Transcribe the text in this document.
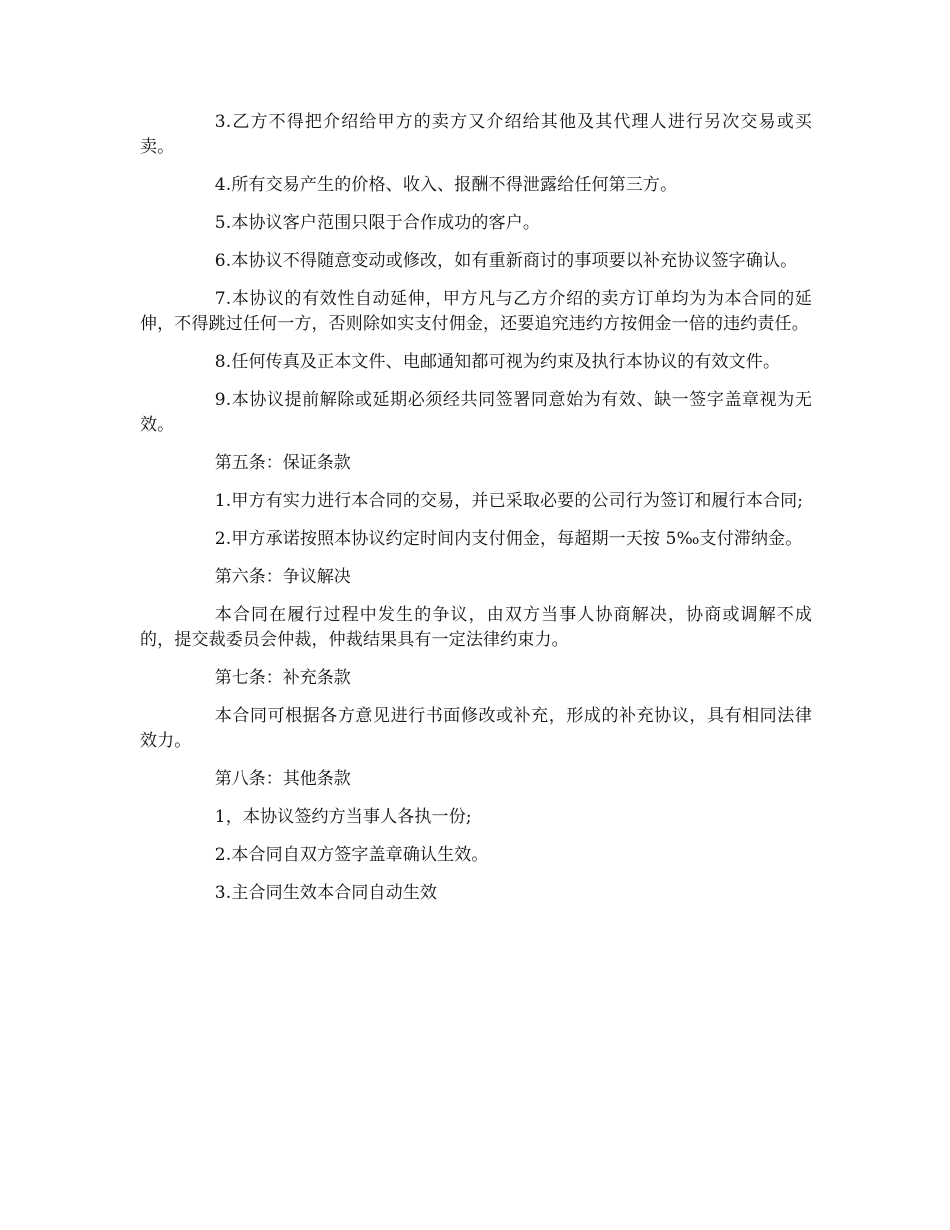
3.乙方不得把介绍给甲方的卖方又介绍给其他及其代理人进行另次交易或买卖。

4.所有交易产生的价格、收入、报酬不得泄露给任何第三方。

5.本协议客户范围只限于合作成功的客户。

6.本协议不得随意变动或修改，如有重新商讨的事项要以补充协议签字确认。

7.本协议的有效性自动延伸，甲方凡与乙方介绍的卖方订单均为为本合同的延伸，不得跳过任何一方，否则除如实支付佣金，还要追究违约方按佣金一倍的违约责任。

8.任何传真及正本文件、电邮通知都可视为约束及执行本协议的有效文件。

9.本协议提前解除或延期必须经共同签署同意始为有效、缺一签字盖章视为无效。

第五条：保证条款

1.甲方有实力进行本合同的交易，并已采取必要的公司行为签订和履行本合同;

2.甲方承诺按照本协议约定时间内支付佣金，每超期一天按 5‰支付滞纳金。

第六条：争议解决

本合同在履行过程中发生的争议，由双方当事人协商解决，协商或调解不成的，提交裁委员会仲裁，仲裁结果具有一定法律约束力。

第七条：补充条款

本合同可根据各方意见进行书面修改或补充，形成的补充协议，具有相同法律效力。

第八条：其他条款

1，本协议签约方当事人各执一份;

2.本合同自双方签字盖章确认生效。

3.主合同生效本合同自动生效
